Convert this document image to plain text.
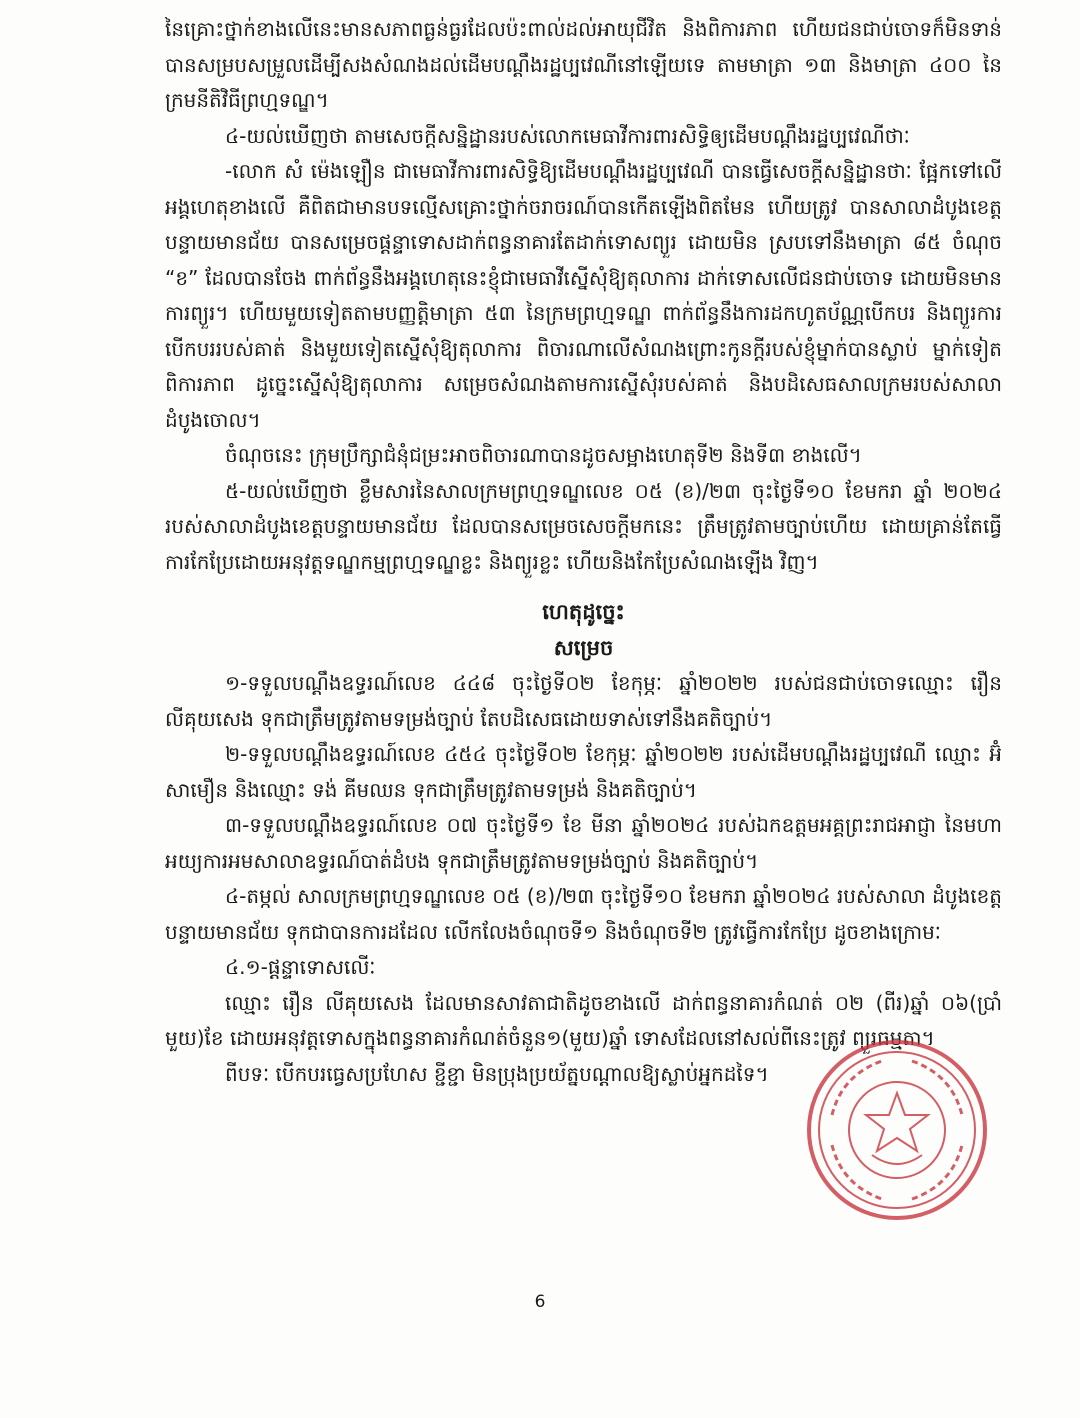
នៃគ្រោះថ្នាក់ខាងលើនេះមានសភាពធ្ងន់ធ្ងរដែលប៉ះពាល់ដល់អាយុជីវិត និងពិការភាព ហើយជនជាប់ចោទក៏មិនទាន់បានសម្របសម្រួលដើម្បីសងសំណងដល់ដើមបណ្តឹងរដ្ឋប្បវេណីនៅឡើយទេ តាមមាត្រា ១៣ និងមាត្រា ៤០០ នៃក្រមនីតិវិធីព្រហ្មទណ្ឌ។

៤-យល់ឃើញថា តាមសេចក្តីសន្និដ្ឋានរបស់លោកមេធាវីការពារសិទ្ធិឲ្យដើមបណ្តឹងរដ្ឋប្បវេណីថាៈ

-លោក សំ ម៉េងឡឿន ជាមេធាវីការពារសិទ្ធិឱ្យដើមបណ្តឹងរដ្ឋប្បវេណី បានធ្វើសេចក្តីសន្និដ្ឋានថាៈ ផ្អែកទៅលើអង្គហេតុខាងលើ គឺពិតជាមានបទល្មើសគ្រោះថ្នាក់ចរាចរណ៍បានកើតឡើងពិតមែន ហើយត្រូវ បានសាលាដំបូងខេត្តបន្ទាយមានជ័យ បានសម្រេចផ្តន្ទាទោសដាក់ពន្ធនាគារតែដាក់ទោសព្យួរ ដោយមិន ស្របទៅនឹងមាត្រា ៨៥ ចំណុច “ខ” ដែលបានចែង ពាក់ព័ន្ធនឹងអង្គហេតុនេះខ្ញុំជាមេធាវីស្នើសុំឱ្យតុលាការ ដាក់ទោសលើជនជាប់ចោទ ដោយមិនមានការព្យួរ។ ហើយមួយទៀតតាមបញ្ញត្តិមាត្រា ៥៣ នៃក្រមព្រហ្មទណ្ឌ ពាក់ព័ន្ធនឹងការដកហូតប័ណ្ណបើកបរ និងព្យួរការបើកបររបស់គាត់ និងមួយទៀតស្នើសុំឱ្យតុលាការ ពិចារណាលើសំណងព្រោះកូនក្តីរបស់ខ្ញុំម្នាក់បានស្លាប់ ម្នាក់ទៀតពិការភាព ដូច្នេះស្នើសុំឱ្យតុលាការ សម្រេចសំណងតាមការស្នើសុំរបស់គាត់ និងបដិសេធសាលក្រមរបស់សាលាដំបូងចោល។

ចំណុចនេះ ក្រុមប្រឹក្សាជំនុំជម្រះអាចពិចារណាបានដូចសម្អាងហេតុទី២ និងទី៣ ខាងលើ។

៥-យល់ឃើញថា ខ្លឹមសារនៃសាលក្រមព្រហ្មទណ្ឌលេខ ០៥ (ខ)/២៣ ចុះថ្ងៃទី១០ ខែមករា ឆ្នាំ ២០២៤ របស់សាលាដំបូងខេត្តបន្ទាយមានជ័យ ដែលបានសម្រេចសេចក្តីមកនេះ ត្រឹមត្រូវតាមច្បាប់ហើយ ដោយគ្រាន់តែធ្វើការកែប្រែដោយអនុវត្តទណ្ឌកម្មព្រហ្មទណ្ឌខ្លះ និងព្យួរខ្លះ ហើយនិងកែប្រែសំណងឡើង វិញ។

ហេតុដូច្នេះ

សម្រេច

១-ទទួលបណ្តឹងឧទ្ធរណ៍លេខ ៤៤៨ ចុះថ្ងៃទី០២ ខែកុម្ភៈ ឆ្នាំ២០២២ របស់ជនជាប់ចោទឈ្មោះ រឿន លីគុយសេង ទុកជាត្រឹមត្រូវតាមទម្រង់ច្បាប់ តែបដិសេធដោយទាស់ទៅនឹងគតិច្បាប់។

២-ទទួលបណ្តឹងឧទ្ធរណ៍លេខ ៤៥៤ ចុះថ្ងៃទី០២ ខែកុម្ភៈ ឆ្នាំ២០២២ របស់ដើមបណ្តឹងរដ្ឋប្បវេណី ឈ្មោះ អ៊ំ សាមឿន និងឈ្មោះ ទង់ គីមឈន ទុកជាត្រឹមត្រូវតាមទម្រង់ និងគតិច្បាប់។

៣-ទទួលបណ្តឹងឧទ្ធរណ៍លេខ ០៧ ចុះថ្ងៃទី១ ខែ មីនា ឆ្នាំ២០២៤ របស់ឯកឧត្តមអគ្គព្រះរាជអាជ្ញា នៃមហាអយ្យការអមសាលាឧទ្ធរណ៍បាត់ដំបង ទុកជាត្រឹមត្រូវតាមទម្រង់ច្បាប់ និងគតិច្បាប់។

៤-តម្កល់ សាលក្រមព្រហ្មទណ្ឌលេខ ០៥ (ខ)/២៣ ចុះថ្ងៃទី១០ ខែមករា ឆ្នាំ២០២៤ របស់សាលា ដំបូងខេត្តបន្ទាយមានជ័យ ទុកជាបានការដដែល លើកលែងចំណុចទី១ និងចំណុចទី២ ត្រូវធ្វើការកែប្រែ ដូចខាងក្រោមៈ

៤.១-ផ្តន្ទាទោសលើៈ

ឈ្មោះ រឿន លីគុយសេង ដែលមានសាវតាជាតិដូចខាងលើ ដាក់ពន្ធនាគារកំណត់ ០២ (ពីរ)ឆ្នាំ ០៦(ប្រាំមួយ)ខែ ដោយអនុវត្តទោសក្នុងពន្ធនាគារកំណត់ចំនួន១(មួយ)ឆ្នាំ ទោសដែលនៅសល់ពីនេះត្រូវ ព្យួរធម្មតា។

ពីបទៈ បើកបរធ្វេសប្រហែស ខ្ជីខ្ជា មិនប្រុងប្រយ័ត្នបណ្តាលឱ្យស្លាប់អ្នកដទៃ។

6
